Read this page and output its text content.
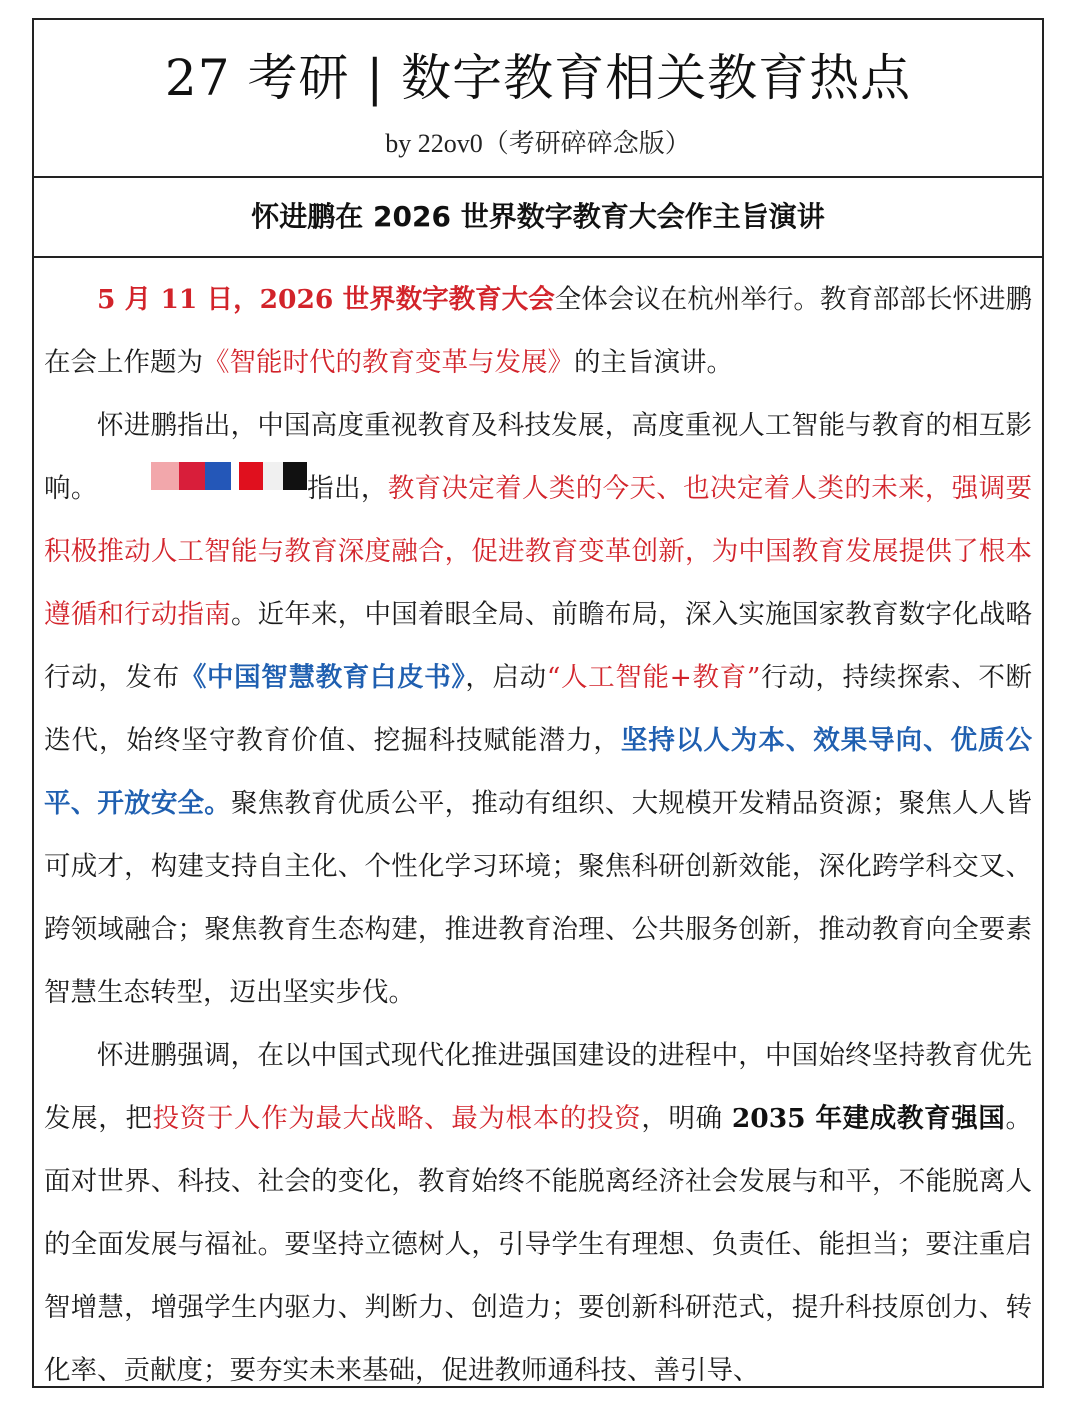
27 考研 | 数字教育相关教育热点
by 22ov0（考研碎碎念版）
怀进鹏在 2026 世界数字教育大会作主旨演讲

5 月 11 日，2026 世界数字教育大会全体会议在杭州举行。教育部部长怀进鹏在会上作题为《智能时代的教育变革与发展》的主旨演讲。

怀进鹏指出，中国高度重视教育及科技发展，高度重视人工智能与教育的相互影响。	指出，教育决定着人类的今天、也决定着人类的未来，强调要积极推动人工智能与教育深度融合，促进教育变革创新，为中国教育发展提供了根本遵循和行动指南。近年来，中国着眼全局、前瞻布局，深入实施国家教育数字化战略行动，发布《中国智慧教育白皮书》，启动“人工智能+教育”行动，持续探索、不断迭代，始终坚守教育价值、挖掘科技赋能潜力，坚持以人为本、效果导向、优质公平、开放安全。聚焦教育优质公平，推动有组织、大规模开发精品资源；聚焦人人皆可成才，构建支持自主化、个性化学习环境；聚焦科研创新效能，深化跨学科交叉、跨领域融合；聚焦教育生态构建，推进教育治理、公共服务创新，推动教育向全要素智慧生态转型，迈出坚实步伐。

怀进鹏强调，在以中国式现代化推进强国建设的进程中，中国始终坚持教育优先发展，把投资于人作为最大战略、最为根本的投资，明确 2035 年建成教育强国。面对世界、科技、社会的变化，教育始终不能脱离经济社会发展与和平，不能脱离人的全面发展与福祉。要坚持立德树人，引导学生有理想、负责任、能担当；要注重启智增慧，增强学生内驱力、判断力、创造力；要创新科研范式，提升科技原创力、转化率、贡献度；要夯实未来基础，促进教师通科技、善引导、
